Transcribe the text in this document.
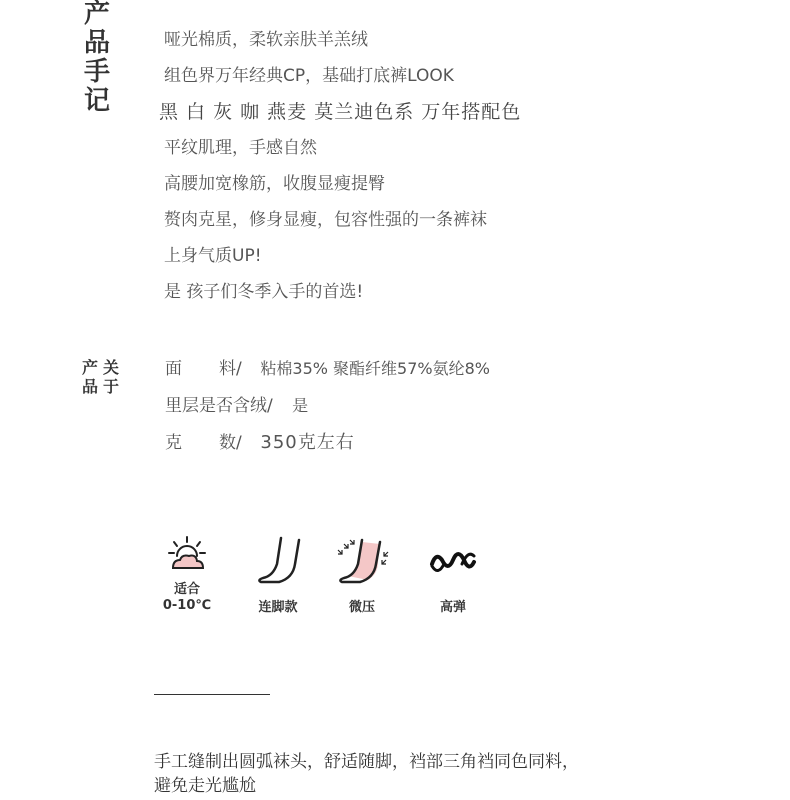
产
品
手
记
哑光棉质，柔软亲肤羊羔绒
组色界万年经典CP，基础打底裤LOOK
黑 白 灰 咖 燕麦 莫兰迪色系 万年搭配色
平纹肌理，手感自然
高腰加宽橡筋，收腹显瘦提臀
赘肉克星，修身显瘦，包容性强的一条裤袜
上身气质UP!
是 孩子们冬季入手的首选!
产
品
关
于
面 料/ 粘棉35% 聚酯纤维57%氨纶8%
里层是否含绒/ 是
克 数/ 350克左右
适合
0-10℃	连脚款	微压	高弹
手工缝制出圆弧袜头，舒适随脚，裆部三角裆同色同料，
避免走光尴尬
